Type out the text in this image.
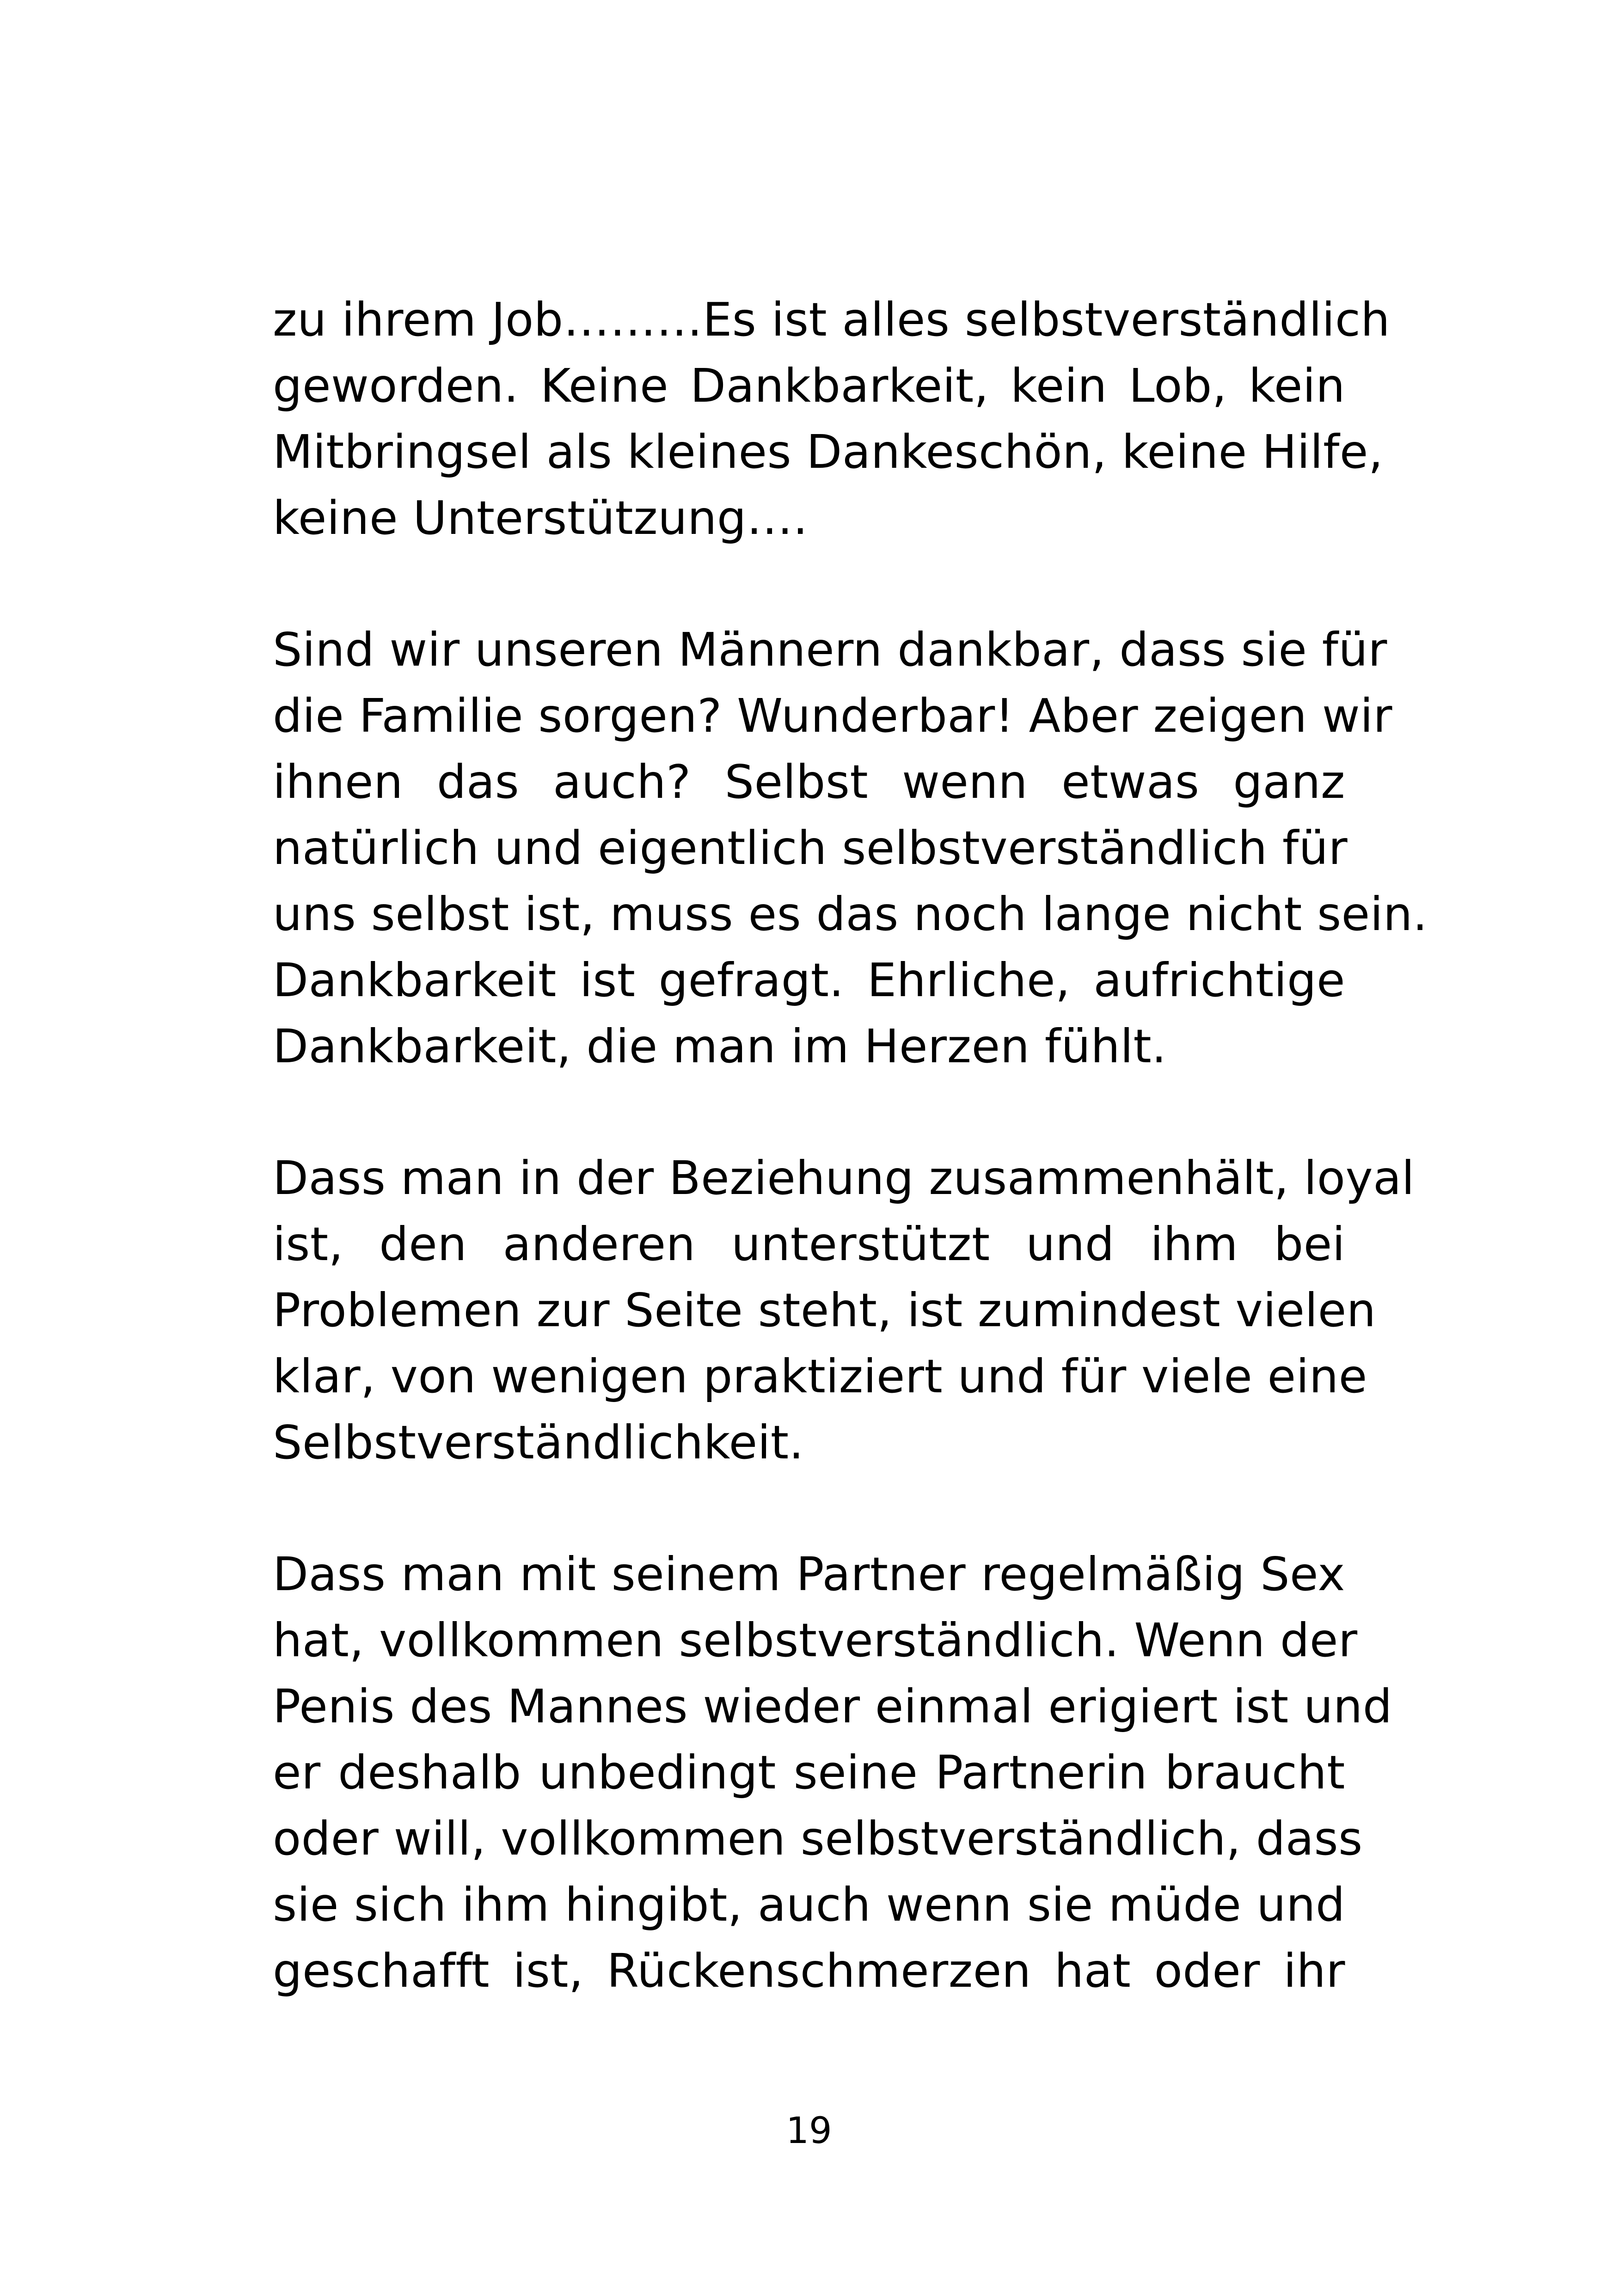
zu ihrem Job………Es ist alles selbstverständlich
geworden. Keine Dankbarkeit, kein Lob, kein
Mitbringsel als kleines Dankeschön, keine Hilfe,
keine Unterstützung….

Sind wir unseren Männern dankbar, dass sie für
die Familie sorgen? Wunderbar! Aber zeigen wir
ihnen das auch? Selbst wenn etwas ganz
natürlich und eigentlich selbstverständlich für
uns selbst ist, muss es das noch lange nicht sein.
Dankbarkeit ist gefragt. Ehrliche, aufrichtige
Dankbarkeit, die man im Herzen fühlt.

Dass man in der Beziehung zusammenhält, loyal
ist, den anderen unterstützt und ihm bei
Problemen zur Seite steht, ist zumindest vielen
klar, von wenigen praktiziert und für viele eine
Selbstverständlichkeit.

Dass man mit seinem Partner regelmäßig Sex
hat, vollkommen selbstverständlich. Wenn der
Penis des Mannes wieder einmal erigiert ist und
er deshalb unbedingt seine Partnerin braucht
oder will, vollkommen selbstverständlich, dass
sie sich ihm hingibt, auch wenn sie müde und
geschafft ist, Rückenschmerzen hat oder ihr

19
